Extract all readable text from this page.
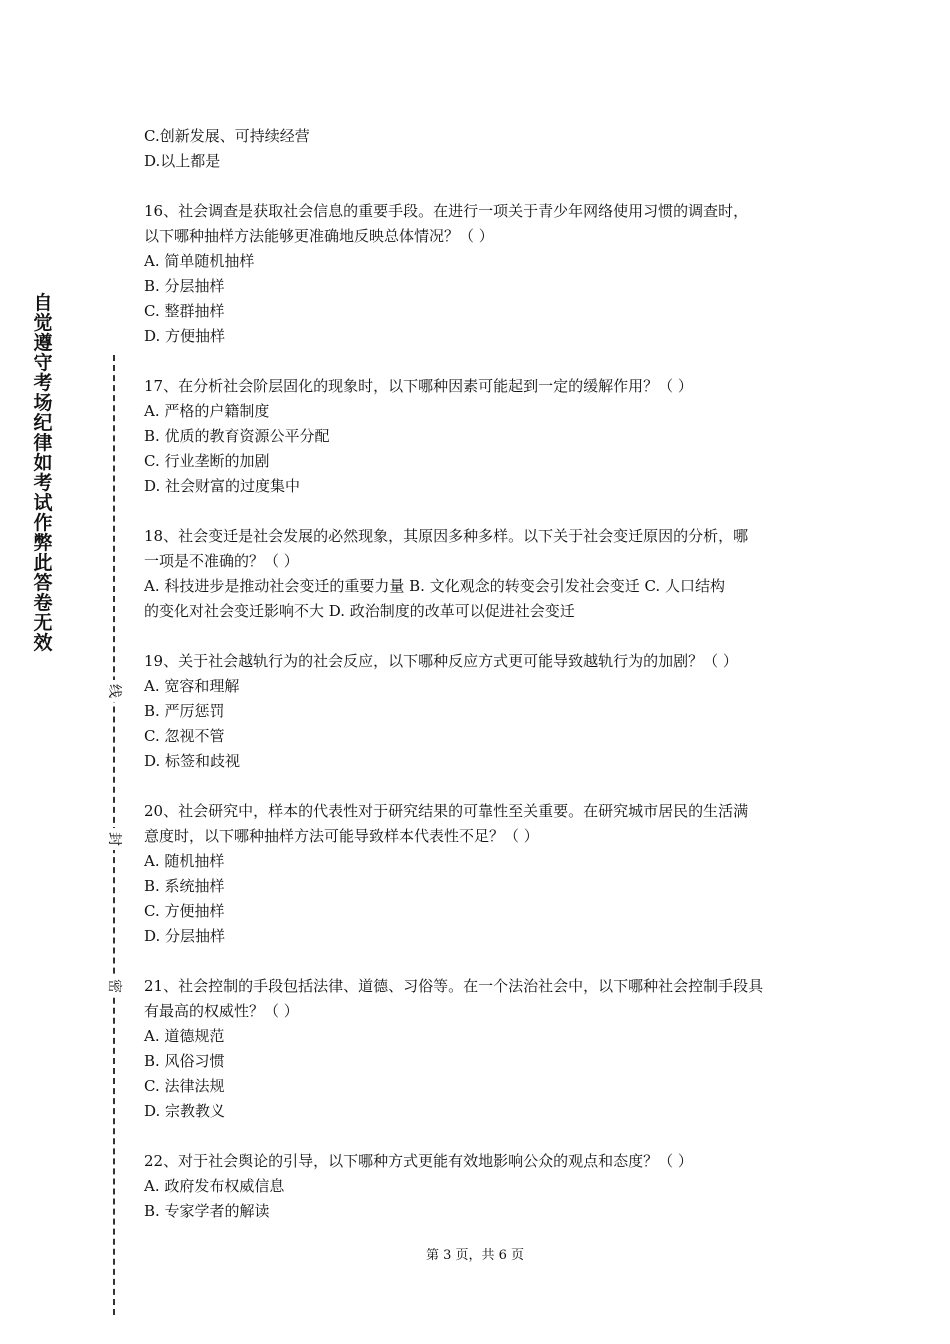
自
觉
遵
守
考
场
纪
律
如
考
试
作
弊
此
答
卷
无
效
线
封
密
C.创新发展、可持续经营
D.以上都是
16、社会调查是获取社会信息的重要手段。在进行一项关于青少年网络使用习惯的调查时，
以下哪种抽样方法能够更准确地反映总体情况？（ ）
A. 简单随机抽样
B. 分层抽样
C. 整群抽样
D. 方便抽样
17、在分析社会阶层固化的现象时，以下哪种因素可能起到一定的缓解作用？（ ）
A. 严格的户籍制度
B. 优质的教育资源公平分配
C. 行业垄断的加剧
D. 社会财富的过度集中
18、社会变迁是社会发展的必然现象，其原因多种多样。以下关于社会变迁原因的分析，哪
一项是不准确的？（ ）
A. 科技进步是推动社会变迁的重要力量 B. 文化观念的转变会引发社会变迁 C. 人口结构
的变化对社会变迁影响不大 D. 政治制度的改革可以促进社会变迁
19、关于社会越轨行为的社会反应，以下哪种反应方式更可能导致越轨行为的加剧？（ ）
A. 宽容和理解
B. 严厉惩罚
C. 忽视不管
D. 标签和歧视
20、社会研究中，样本的代表性对于研究结果的可靠性至关重要。在研究城市居民的生活满
意度时，以下哪种抽样方法可能导致样本代表性不足？（ ）
A. 随机抽样
B. 系统抽样
C. 方便抽样
D. 分层抽样
21、社会控制的手段包括法律、道德、习俗等。在一个法治社会中，以下哪种社会控制手段具
有最高的权威性？（ ）
A. 道德规范
B. 风俗习惯
C. 法律法规
D. 宗教教义
22、对于社会舆论的引导，以下哪种方式更能有效地影响公众的观点和态度？（ ）
A. 政府发布权威信息
B. 专家学者的解读
第 3 页，共 6 页
